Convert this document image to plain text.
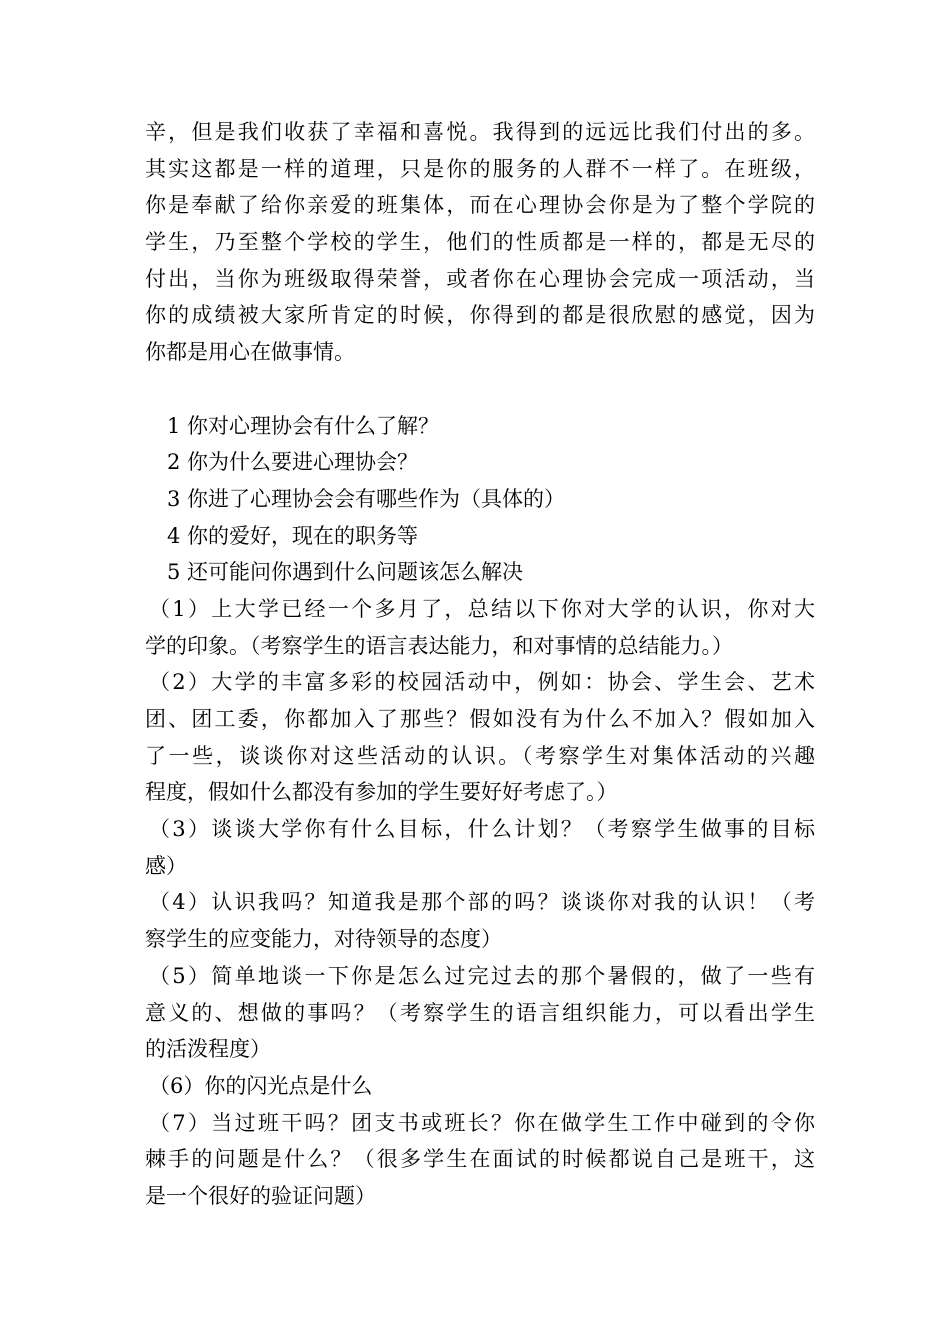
辛，但是我们收获了幸福和喜悦。我得到的远远比我们付出的多。
其实这都是一样的道理，只是你的服务的人群不一样了。在班级，
你是奉献了给你亲爱的班集体，而在心理协会你是为了整个学院的
学生，乃至整个学校的学生，他们的性质都是一样的，都是无尽的
付出，当你为班级取得荣誉，或者你在心理协会完成一项活动，当
你的成绩被大家所肯定的时候，你得到的都是很欣慰的感觉，因为
你都是用心在做事情。
1 你对心理协会有什么了解？
2 你为什么要进心理协会？
3 你进了心理协会会有哪些作为（具体的）
4 你的爱好，现在的职务等
5 还可能问你遇到什么问题该怎么解决
（1）上大学已经一个多月了，总结以下你对大学的认识，你对大
学的印象。（考察学生的语言表达能力，和对事情的总结能力。）
（2）大学的丰富多彩的校园活动中，例如：协会、学生会、艺术
团、团工委，你都加入了那些？假如没有为什么不加入？假如加入
了一些，谈谈你对这些活动的认识。（考察学生对集体活动的兴趣
程度，假如什么都没有参加的学生要好好考虑了。）
（3）谈谈大学你有什么目标，什么计划？（考察学生做事的目标
感）
（4）认识我吗？知道我是那个部的吗？谈谈你对我的认识！（考
察学生的应变能力，对待领导的态度）
（5）简单地谈一下你是怎么过完过去的那个暑假的，做了一些有
意义的、想做的事吗？（考察学生的语言组织能力，可以看出学生
的活泼程度）
（6）你的闪光点是什么
（7）当过班干吗？团支书或班长？你在做学生工作中碰到的令你
棘手的问题是什么？（很多学生在面试的时候都说自己是班干，这
是一个很好的验证问题）
